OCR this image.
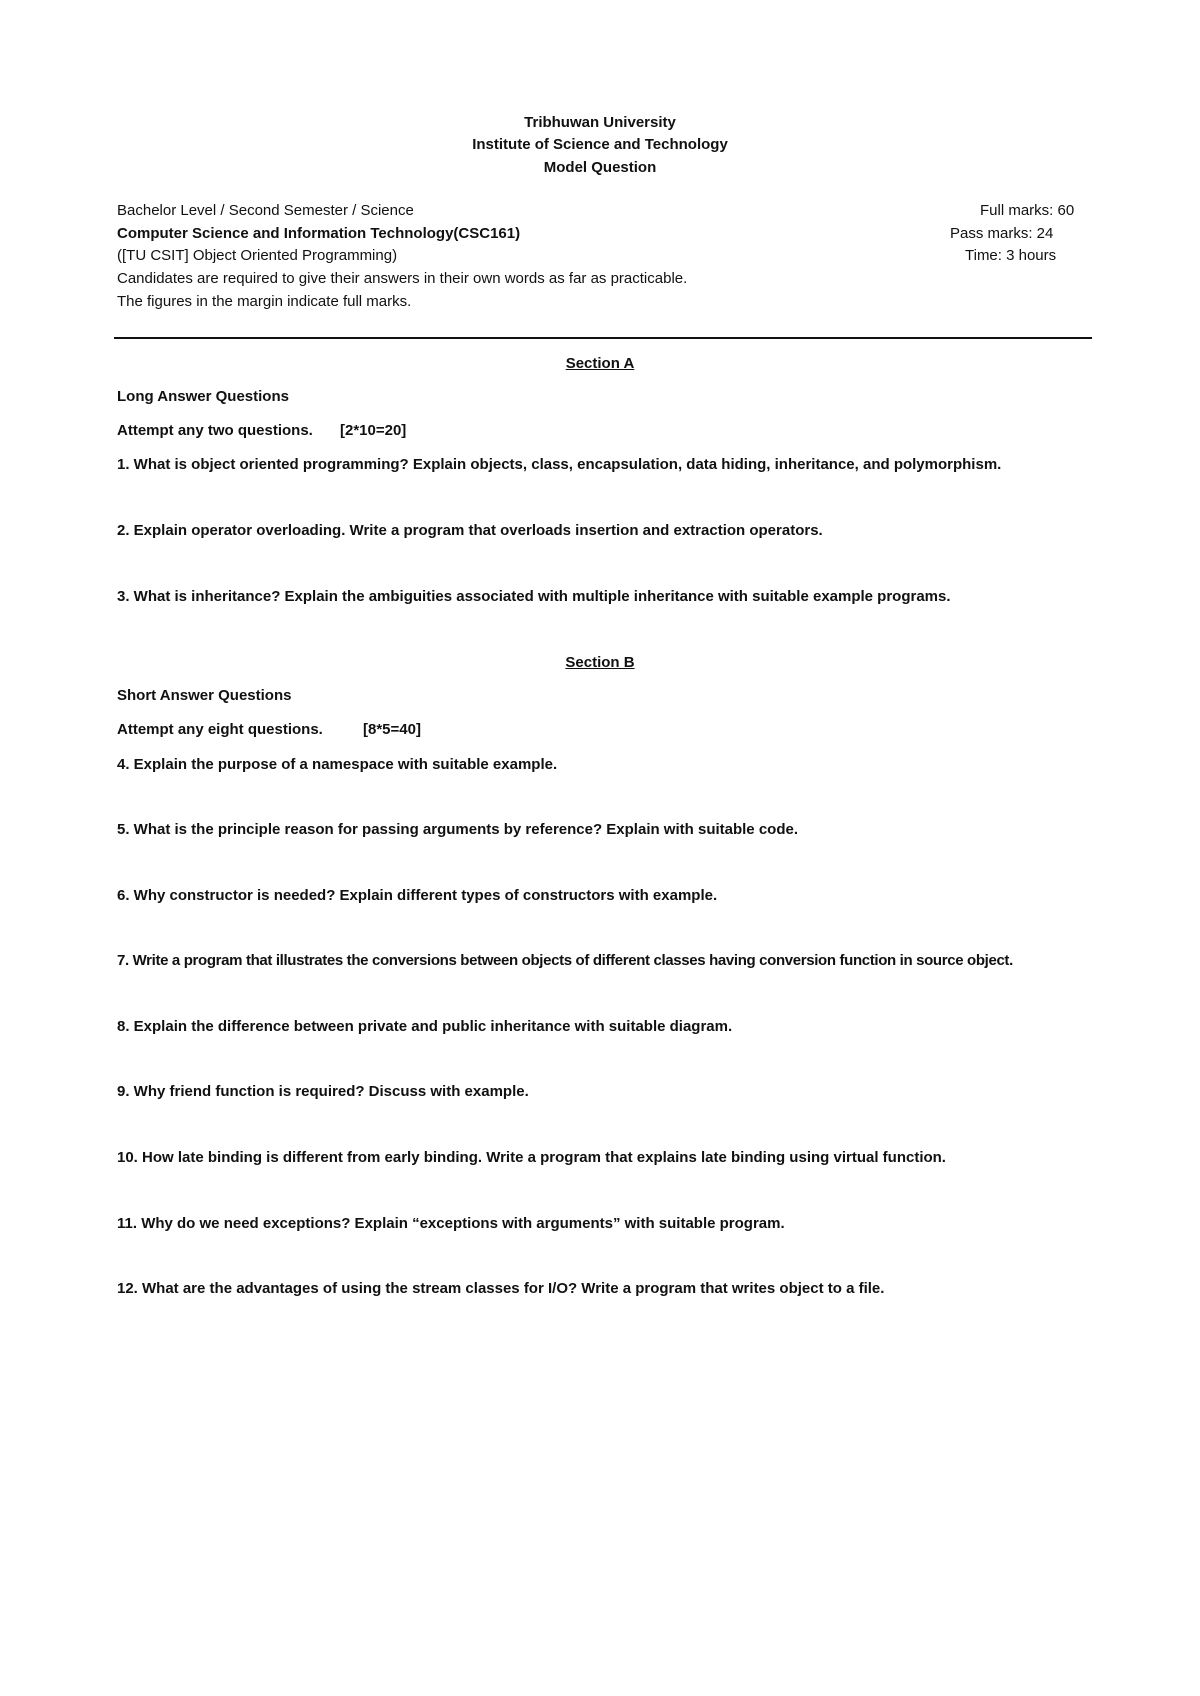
Tribhuwan University
Institute of Science and Technology
Model Question
Bachelor Level / Second Semester / Science
Computer Science and Information Technology(CSC161)
([TU CSIT] Object Oriented Programming)
Candidates are required to give their answers in their own words as far as practicable.
The figures in the margin indicate full marks.
Full marks: 60
Pass marks: 24
Time: 3 hours
Section A
Long Answer Questions
Attempt any two questions. [2*10=20]
1. What is object oriented programming? Explain objects, class, encapsulation, data hiding, inheritance, and polymorphism.
2. Explain operator overloading. Write a program that overloads insertion and extraction operators.
3. What is inheritance? Explain the ambiguities associated with multiple inheritance with suitable example programs.
Section B
Short Answer Questions
Attempt any eight questions.	[8*5=40]
4. Explain the purpose of a namespace with suitable example.
5. What is the principle reason for passing arguments by reference? Explain with suitable code.
6. Why constructor is needed? Explain different types of constructors with example.
7. Write a program that illustrates the conversions between objects of different classes having conversion function in source object.
8. Explain the difference between private and public inheritance with suitable diagram.
9. Why friend function is required? Discuss with example.
10. How late binding is different from early binding. Write a program that explains late binding using virtual function.
11. Why do we need exceptions? Explain “exceptions with arguments” with suitable program.
12. What are the advantages of using the stream classes for I/O? Write a program that writes object to a file.
